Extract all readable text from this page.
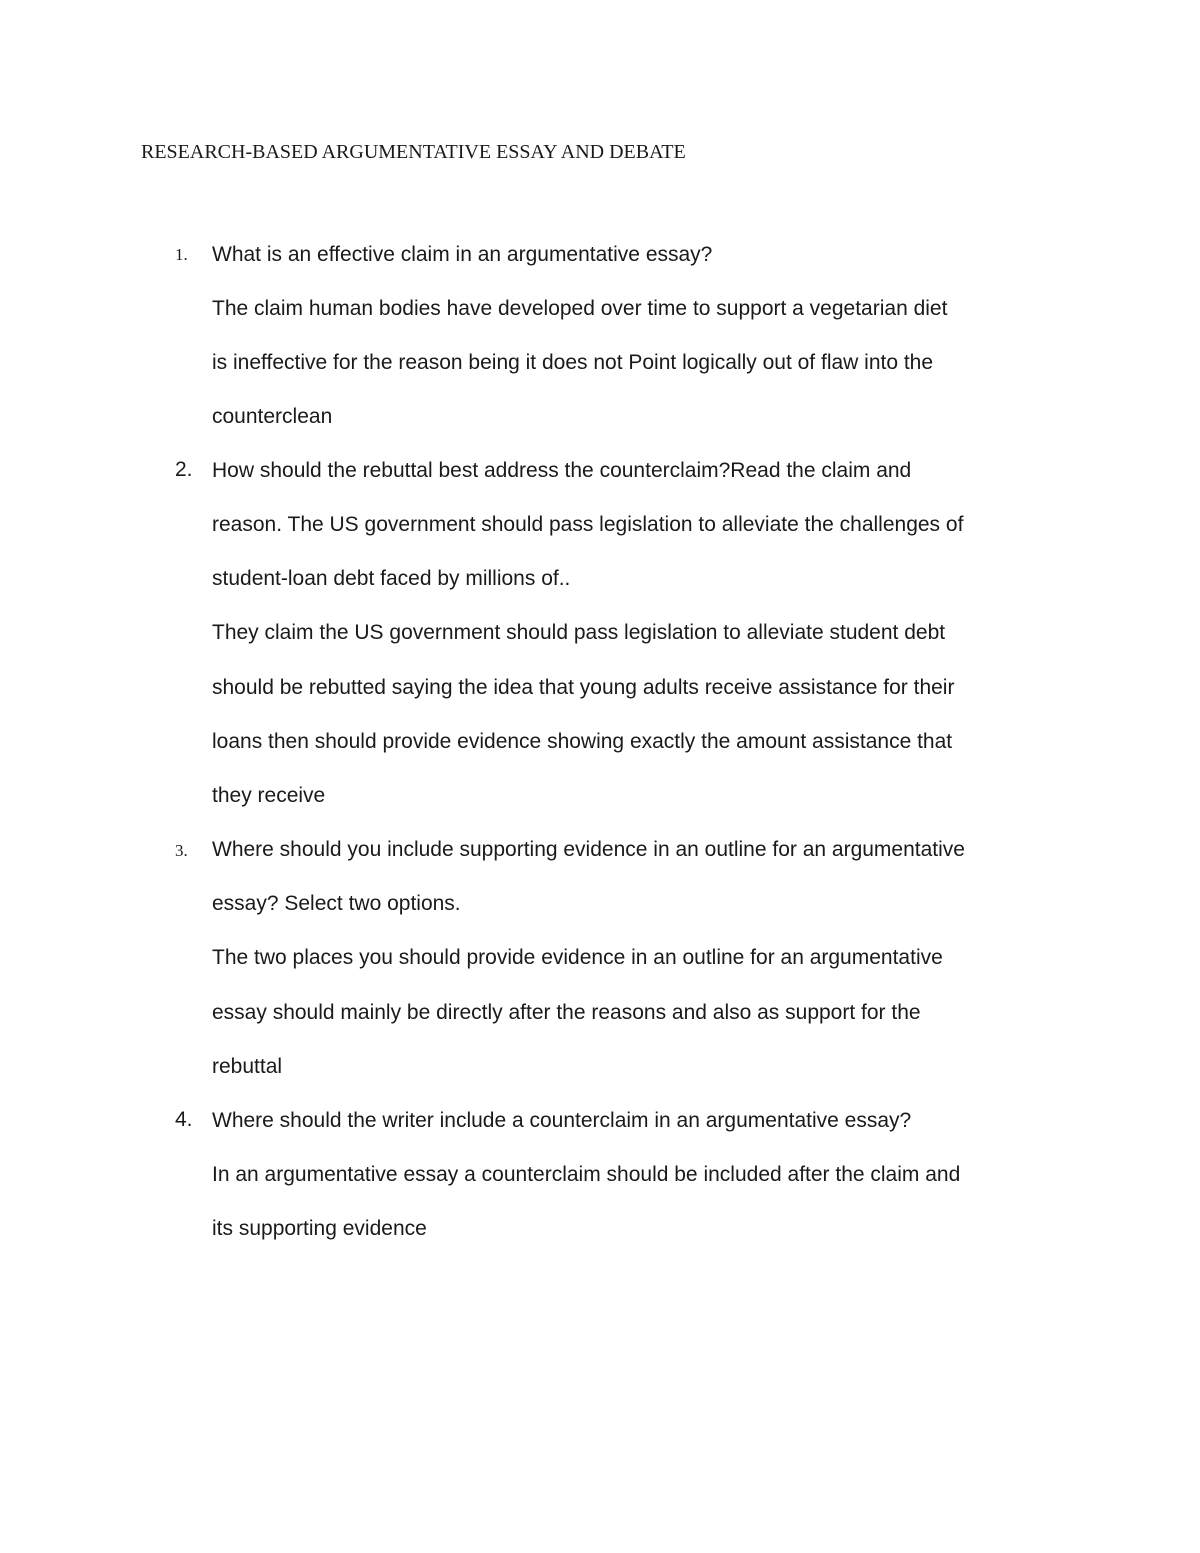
RESEARCH-BASED ARGUMENTATIVE ESSAY AND DEBATE
1. What is an effective claim in an argumentative essay?
The claim human bodies have developed over time to support a vegetarian diet
is ineffective for the reason being it does not Point logically out of flaw into the
counterclean
2. How should the rebuttal best address the counterclaim?Read the claim and
reason. The US government should pass legislation to alleviate the challenges of
student-loan debt faced by millions of..
They claim the US government should pass legislation to alleviate student debt
should be rebutted saying the idea that young adults receive assistance for their
loans then should provide evidence showing exactly the amount assistance that
they receive
3. Where should you include supporting evidence in an outline for an argumentative
essay? Select two options.
The two places you should provide evidence in an outline for an argumentative
essay should mainly be directly after the reasons and also as support for the
rebuttal
4. Where should the writer include a counterclaim in an argumentative essay?
In an argumentative essay a counterclaim should be included after the claim and
its supporting evidence
